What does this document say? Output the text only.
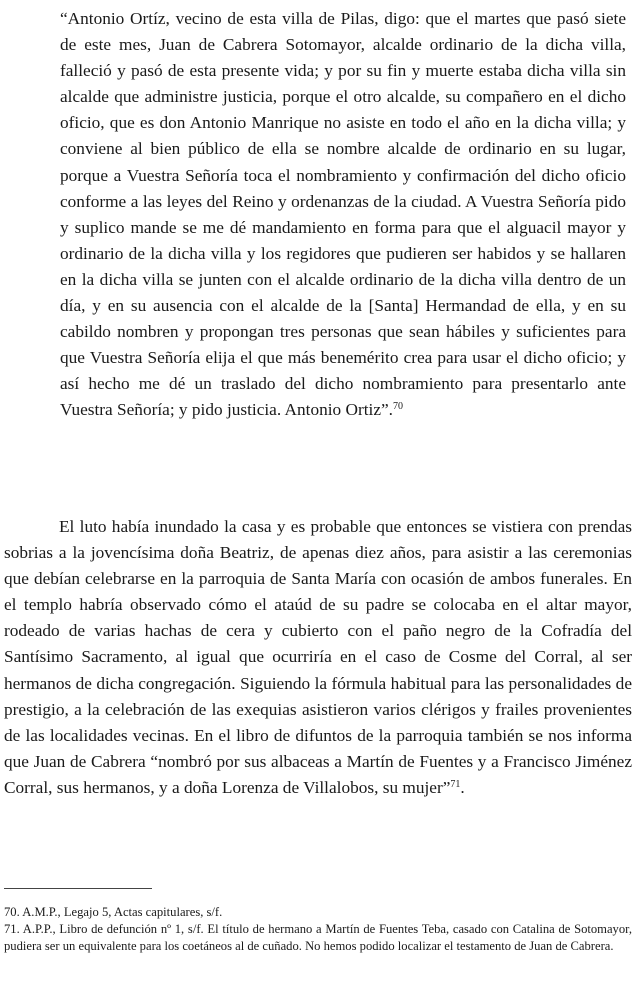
“Antonio Ortíz, vecino de esta villa de Pilas, digo: que el martes que pasó siete de este mes, Juan de Cabrera Sotomayor, alcalde ordinario de la dicha villa, falleció y pasó de esta presente vida; y por su fin y muerte estaba dicha villa sin alcalde que administre justicia, porque el otro alcalde, su compañero en el dicho oficio, que es don Antonio Manrique no asiste en todo el año en la dicha villa; y conviene al bien público de ella se nombre alcalde de ordinario en su lugar, porque a Vuestra Señoría toca el nombramiento y confirmación del dicho oficio conforme a las leyes del Reino y ordenanzas de la ciudad. A Vuestra Señoría pido y suplico mande se me dé mandamiento en forma para que el alguacil mayor y ordinario de la dicha villa y los regidores que pudieren ser habidos y se hallaren en la dicha villa se junten con el alcalde ordinario de la dicha villa dentro de un día, y en su ausencia con el alcalde de la [Santa] Hermandad de ella, y en su cabildo nombren y propongan tres personas que sean hábiles y suficientes para que Vuestra Señoría elija el que más benemérito crea para usar el dicho oficio; y así hecho me dé un traslado del dicho nombramiento para presentarlo ante Vuestra Señoría; y pido justicia. Antonio Ortiz”.$^{70}$

El luto había inundado la casa y es probable que entonces se vistiera con prendas sobrias a la jovencísima doña Beatriz, de apenas diez años, para asistir a las ceremonias que debían celebrarse en la parroquia de Santa María con ocasión de ambos funerales. En el templo habría observado cómo el ataúd de su padre se colocaba en el altar mayor, rodeado de varias hachas de cera y cubierto con el paño negro de la Cofradía del Santísimo Sacramento, al igual que ocurriría en el caso de Cosme del Corral, al ser hermanos de dicha congregación. Siguiendo la fórmula habitual para las personalidades de prestigio, a la celebración de las exequias asistieron varios clérigos y frailes provenientes de las localidades vecinas. En el libro de difuntos de la parroquia también se nos informa que Juan de Cabrera “nombró por sus albaceas a Martín de Fuentes y a Francisco Jiménez Corral, sus hermanos, y a doña Lorenza de Villalobos, su mujer”$^{71}$.

70. A.M.P., Legajo 5, Actas capitulares, s/f.

71. A.P.P., Libro de defunción nº 1, s/f. El título de hermano a Martín de Fuentes Teba, casado con Catalina de Sotomayor, pudiera ser un equivalente para los coetáneos al de cuñado. No hemos podido localizar el testamento de Juan de Cabrera.
